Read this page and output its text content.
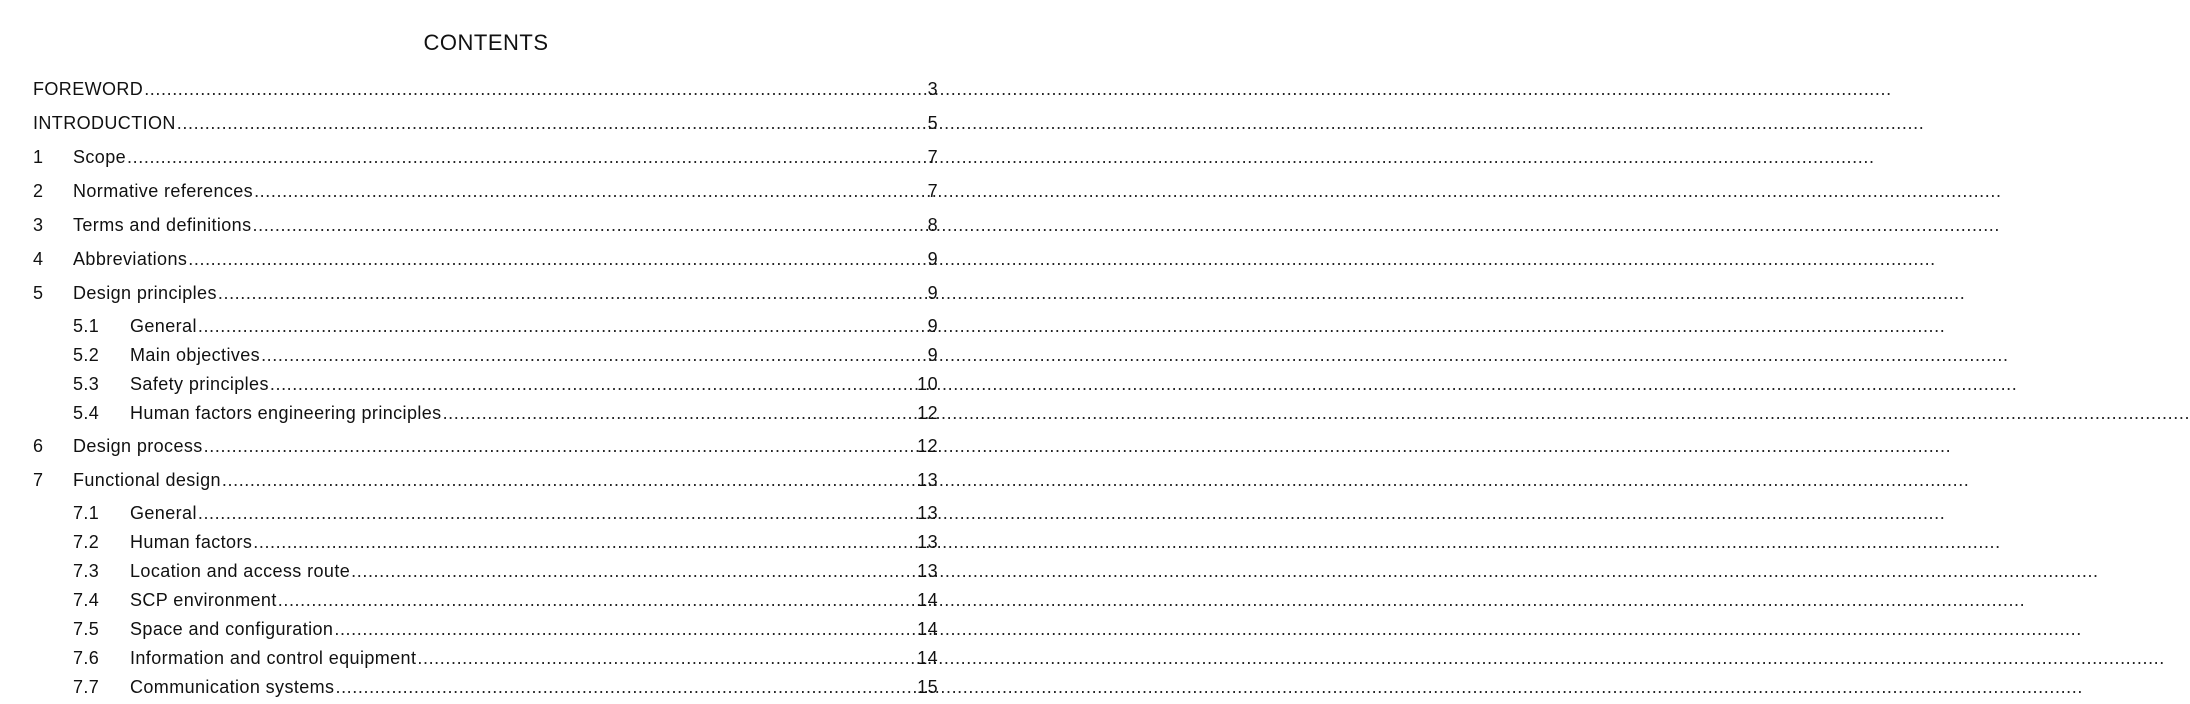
CONTENTS
FOREWORD .....	3
INTRODUCTION .....	5
1	Scope .....	7
2	Normative references .....	7
3	Terms and definitions .....	8
4	Abbreviations .....	9
5	Design principles .....	9
5.1	General .....	9
5.2	Main objectives .....	9
5.3	Safety principles .....	10
5.4	Human factors engineering principles .....	12
6	Design process .....	12
7	Functional design .....	13
7.1	General .....	13
7.2	Human factors .....	13
7.3	Location and access route .....	13
7.4	SCP environment .....	14
7.5	Space and configuration .....	14
7.6	Information and control equipment .....	14
7.7	Communication systems .....	15
